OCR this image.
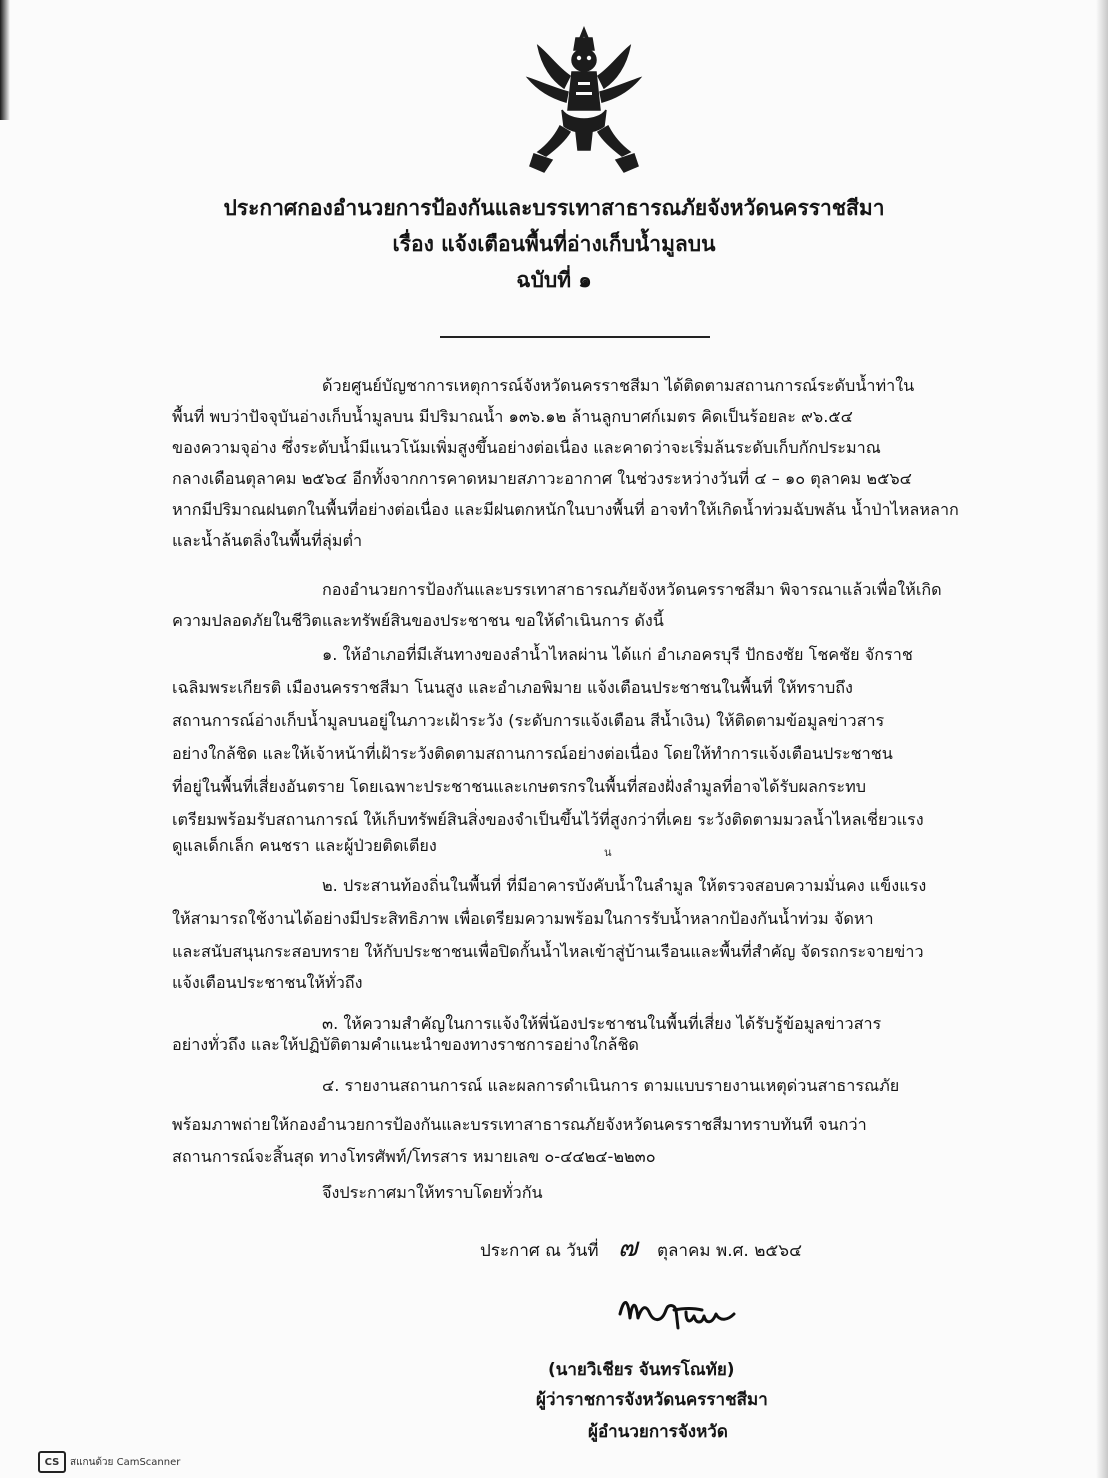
ประกาศกองอำนวยการป้องกันและบรรเทาสาธารณภัยจังหวัดนครราชสีมา
เรื่อง แจ้งเตือนพื้นที่อ่างเก็บน้ำมูลบน
ฉบับที่ ๑
ด้วยศูนย์บัญชาการเหตุการณ์จังหวัดนครราชสีมา ได้ติดตามสถานการณ์ระดับน้ำท่าใน
พื้นที่ พบว่าปัจจุบันอ่างเก็บน้ำมูลบน มีปริมาณน้ำ ๑๓๖.๑๒ ล้านลูกบาศก์เมตร คิดเป็นร้อยละ ๙๖.๕๔
ของความจุอ่าง ซึ่งระดับน้ำมีแนวโน้มเพิ่มสูงขึ้นอย่างต่อเนื่อง และคาดว่าจะเริ่มล้นระดับเก็บกักประมาณ
กลางเดือนตุลาคม ๒๕๖๔ อีกทั้งจากการคาดหมายสภาวะอากาศ ในช่วงระหว่างวันที่ ๔ – ๑๐ ตุลาคม ๒๕๖๔
หากมีปริมาณฝนตกในพื้นที่อย่างต่อเนื่อง และมีฝนตกหนักในบางพื้นที่ อาจทำให้เกิดน้ำท่วมฉับพลัน น้ำป่าไหลหลาก
และน้ำล้นตลิ่งในพื้นที่ลุ่มต่ำ
กองอำนวยการป้องกันและบรรเทาสาธารณภัยจังหวัดนครราชสีมา พิจารณาแล้วเพื่อให้เกิด
ความปลอดภัยในชีวิตและทรัพย์สินของประชาชน ขอให้ดำเนินการ ดังนี้
๑. ให้อำเภอที่มีเส้นทางของลำน้ำไหลผ่าน ได้แก่ อำเภอครบุรี ปักธงชัย โชคชัย จักราช
เฉลิมพระเกียรติ เมืองนครราชสีมา โนนสูง และอำเภอพิมาย แจ้งเตือนประชาชนในพื้นที่ ให้ทราบถึง
สถานการณ์อ่างเก็บน้ำมูลบนอยู่ในภาวะเฝ้าระวัง (ระดับการแจ้งเตือน สีน้ำเงิน) ให้ติดตามข้อมูลข่าวสาร
อย่างใกล้ชิด และให้เจ้าหน้าที่เฝ้าระวังติดตามสถานการณ์อย่างต่อเนื่อง โดยให้ทำการแจ้งเตือนประชาชน
ที่อยู่ในพื้นที่เสี่ยงอันตราย โดยเฉพาะประชาชนและเกษตรกรในพื้นที่สองฝั่งลำมูลที่อาจได้รับผลกระทบ
เตรียมพร้อมรับสถานการณ์ ให้เก็บทรัพย์สินสิ่งของจำเป็นขึ้นไว้ที่สูงกว่าที่เคย ระวังติดตามมวลน้ำไหลเชี่ยวแรง
ดูแลเด็กเล็ก คนชรา และผู้ป่วยติดเตียง
๒. ประสานท้องถิ่นในพื้นที่ ที่มีอาคารบังคับน้ำในลำมูล ให้ตรวจสอบความมั่นคง แข็งแรง
ให้สามารถใช้งานได้อย่างมีประสิทธิภาพ เพื่อเตรียมความพร้อมในการรับน้ำหลากป้องกันน้ำท่วม จัดหา
และสนับสนุนกระสอบทราย ให้กับประชาชนเพื่อปิดกั้นน้ำไหลเข้าสู่บ้านเรือนและพื้นที่สำคัญ จัดรถกระจายข่าว
แจ้งเตือนประชาชนให้ทั่วถึง
๓. ให้ความสำคัญในการแจ้งให้พี่น้องประชาชนในพื้นที่เสี่ยง ได้รับรู้ข้อมูลข่าวสาร
อย่างทั่วถึง และให้ปฏิบัติตามคำแนะนำของทางราชการอย่างใกล้ชิด
๔. รายงานสถานการณ์ และผลการดำเนินการ ตามแบบรายงานเหตุด่วนสาธารณภัย
พร้อมภาพถ่ายให้กองอำนวยการป้องกันและบรรเทาสาธารณภัยจังหวัดนครราชสีมาทราบทันที จนกว่า
สถานการณ์จะสิ้นสุด ทางโทรศัพท์/โทรสาร หมายเลข ๐-๔๔๒๔-๒๒๓๐
จึงประกาศมาให้ทราบโดยทั่วกัน
น
ประกาศ ณ วันที่ ๗ ตุลาคม พ.ศ. ๒๕๖๔
(นายวิเชียร จันทรโณทัย)
ผู้ว่าราชการจังหวัดนครราชสีมา
ผู้อำนวยการจังหวัด
CS	สแกนด้วย CamScanner
